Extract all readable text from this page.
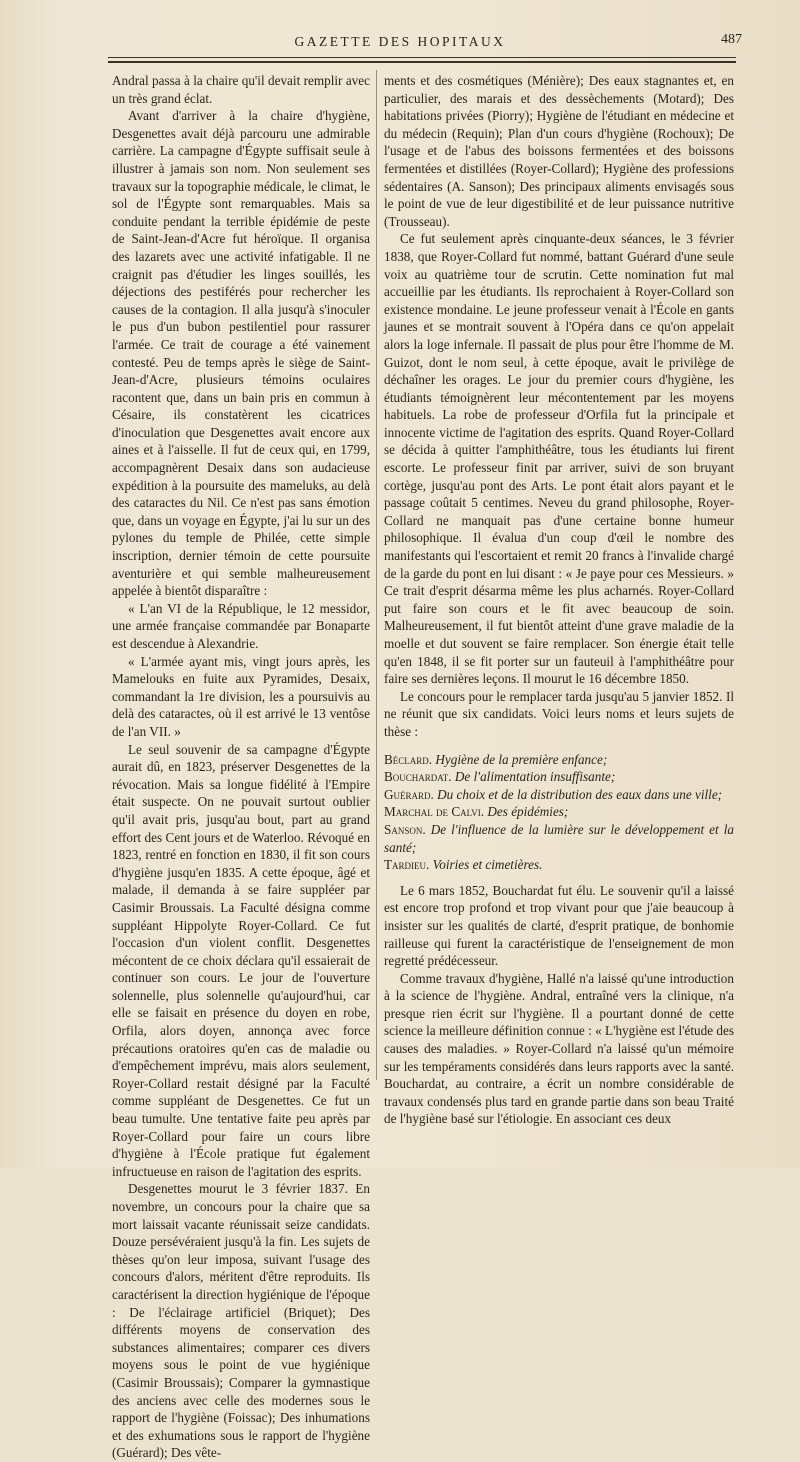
GAZETTE DES HOPITAUX	487

Andral passa à la chaire qu'il devait remplir avec un très grand éclat.

Avant d'arriver à la chaire d'hygiène, Desgenettes avait déjà parcouru une admirable carrière. La campagne d'Égypte suffisait seule à illustrer à jamais son nom. Non seulement ses travaux sur la topographie médicale, le climat, le sol de l'Égypte sont remarquables. Mais sa conduite pendant la terrible épidémie de peste de Saint-Jean-d'Acre fut héroïque. Il organisa des lazarets avec une activité infatigable. Il ne craignit pas d'étudier les linges souillés, les déjections des pestiférés pour rechercher les causes de la contagion. Il alla jusqu'à s'inoculer le pus d'un bubon pestilentiel pour rassurer l'armée. Ce trait de courage a été vainement contesté. Peu de temps après le siège de Saint-Jean-d'Acre, plusieurs témoins oculaires racontent que, dans un bain pris en commun à Césaire, ils constatèrent les cicatrices d'inoculation que Desgenettes avait encore aux aines et à l'aisselle. Il fut de ceux qui, en 1799, accompagnèrent Desaix dans son audacieuse expédition à la poursuite des mameluks, au delà des cataractes du Nil. Ce n'est pas sans émotion que, dans un voyage en Égypte, j'ai lu sur un des pylones du temple de Philée, cette simple inscription, dernier témoin de cette poursuite aventurière et qui semble malheureusement appelée à bientôt disparaître :

« L'an VI de la République, le 12 messidor, une armée française commandée par Bonaparte est descendue à Alexandrie.

« L'armée ayant mis, vingt jours après, les Mamelouks en fuite aux Pyramides, Desaix, commandant la 1re division, les a poursuivis au delà des cataractes, où il est arrivé le 13 ventôse de l'an VII. »

Le seul souvenir de sa campagne d'Égypte aurait dû, en 1823, préserver Desgenettes de la révocation. Mais sa longue fidélité à l'Empire était suspecte. On ne pouvait surtout oublier qu'il avait pris, jusqu'au bout, part au grand effort des Cent jours et de Waterloo. Révoqué en 1823, rentré en fonction en 1830, il fit son cours d'hygiène jusqu'en 1835. A cette époque, âgé et malade, il demanda à se faire suppléer par Casimir Broussais. La Faculté désigna comme suppléant Hippolyte Royer-Collard. Ce fut l'occasion d'un violent conflit. Desgenettes mécontent de ce choix déclara qu'il essaierait de continuer son cours. Le jour de l'ouverture solennelle, plus solennelle qu'aujourd'hui, car elle se faisait en présence du doyen en robe, Orfila, alors doyen, annonça avec force précautions oratoires qu'en cas de maladie ou d'empêchement imprévu, mais alors seulement, Royer-Collard restait désigné par la Faculté comme suppléant de Desgenettes. Ce fut un beau tumulte. Une tentative faite peu après par Royer-Collard pour faire un cours libre d'hygiène à l'École pratique fut également infructueuse en raison de l'agitation des esprits.

Desgenettes mourut le 3 février 1837. En novembre, un concours pour la chaire que sa mort laissait vacante réunissait seize candidats. Douze persévéraient jusqu'à la fin. Les sujets de thèses qu'on leur imposa, suivant l'usage des concours d'alors, méritent d'être reproduits. Ils caractérisent la direction hygiénique de l'époque : De l'éclairage artificiel (Briquet); Des différents moyens de conservation des substances alimentaires; comparer ces divers moyens sous le point de vue hygiénique (Casimir Broussais); Comparer la gymnastique des anciens avec celle des modernes sous le rapport de l'hygiène (Foissac); Des inhumations et des exhumations sous le rapport de l'hygiène (Guérard); Des vête-

ments et des cosmétiques (Ménière); Des eaux stagnantes et, en particulier, des marais et des dessèchements (Motard); Des habitations privées (Piorry); Hygiène de l'étudiant en médecine et du médecin (Requin); Plan d'un cours d'hygiène (Rochoux); De l'usage et de l'abus des boissons fermentées et des boissons fermentées et distillées (Royer-Collard); Hygiène des professions sédentaires (A. Sanson); Des principaux aliments envisagés sous le point de vue de leur digestibilité et de leur puissance nutritive (Trousseau).

Ce fut seulement après cinquante-deux séances, le 3 février 1838, que Royer-Collard fut nommé, battant Guérard d'une seule voix au quatrième tour de scrutin. Cette nomination fut mal accueillie par les étudiants. Ils reprochaient à Royer-Collard son existence mondaine. Le jeune professeur venait à l'École en gants jaunes et se montrait souvent à l'Opéra dans ce qu'on appelait alors la loge infernale. Il passait de plus pour être l'homme de M. Guizot, dont le nom seul, à cette époque, avait le privilège de déchaîner les orages. Le jour du premier cours d'hygiène, les étudiants témoignèrent leur mécontentement par les moyens habituels. La robe de professeur d'Orfila fut la principale et innocente victime de l'agitation des esprits. Quand Royer-Collard se décida à quitter l'amphithéâtre, tous les étudiants lui firent escorte. Le professeur finit par arriver, suivi de son bruyant cortège, jusqu'au pont des Arts. Le pont était alors payant et le passage coûtait 5 centimes. Neveu du grand philosophe, Royer-Collard ne manquait pas d'une certaine bonne humeur philosophique. Il évalua d'un coup d'œil le nombre des manifestants qui l'escortaient et remit 20 francs à l'invalide chargé de la garde du pont en lui disant : « Je paye pour ces Messieurs. » Ce trait d'esprit désarma même les plus acharnés. Royer-Collard put faire son cours et le fit avec beaucoup de soin. Malheureusement, il fut bientôt atteint d'une grave maladie de la moelle et dut souvent se faire remplacer. Son énergie était telle qu'en 1848, il se fit porter sur un fauteuil à l'amphithéâtre pour faire ses dernières leçons. Il mourut le 16 décembre 1850.

Le concours pour le remplacer tarda jusqu'au 5 janvier 1852. Il ne réunit que six candidats. Voici leurs noms et leurs sujets de thèse :

Béclard. Hygiène de la première enfance;

Bouchardat. De l'alimentation insuffisante;

Guérard. Du choix et de la distribution des eaux dans une ville;

Marchal de Calvi. Des épidémies;

Sanson. De l'influence de la lumière sur le développement et la santé;

Tardieu. Voiries et cimetières.

Le 6 mars 1852, Bouchardat fut élu. Le souvenir qu'il a laissé est encore trop profond et trop vivant pour que j'aie beaucoup à insister sur les qualités de clarté, d'esprit pratique, de bonhomie railleuse qui furent la caractéristique de l'enseignement de mon regretté prédécesseur.

Comme travaux d'hygiène, Hallé n'a laissé qu'une introduction à la science de l'hygiène. Andral, entraîné vers la clinique, n'a presque rien écrit sur l'hygiène. Il a pourtant donné de cette science la meilleure définition connue : « L'hygiène est l'étude des causes des maladies. » Royer-Collard n'a laissé qu'un mémoire sur les tempéraments considérés dans leurs rapports avec la santé. Bouchardat, au contraire, a écrit un nombre considérable de travaux condensés plus tard en grande partie dans son beau Traité de l'hygiène basé sur l'étiologie. En associant ces deux
